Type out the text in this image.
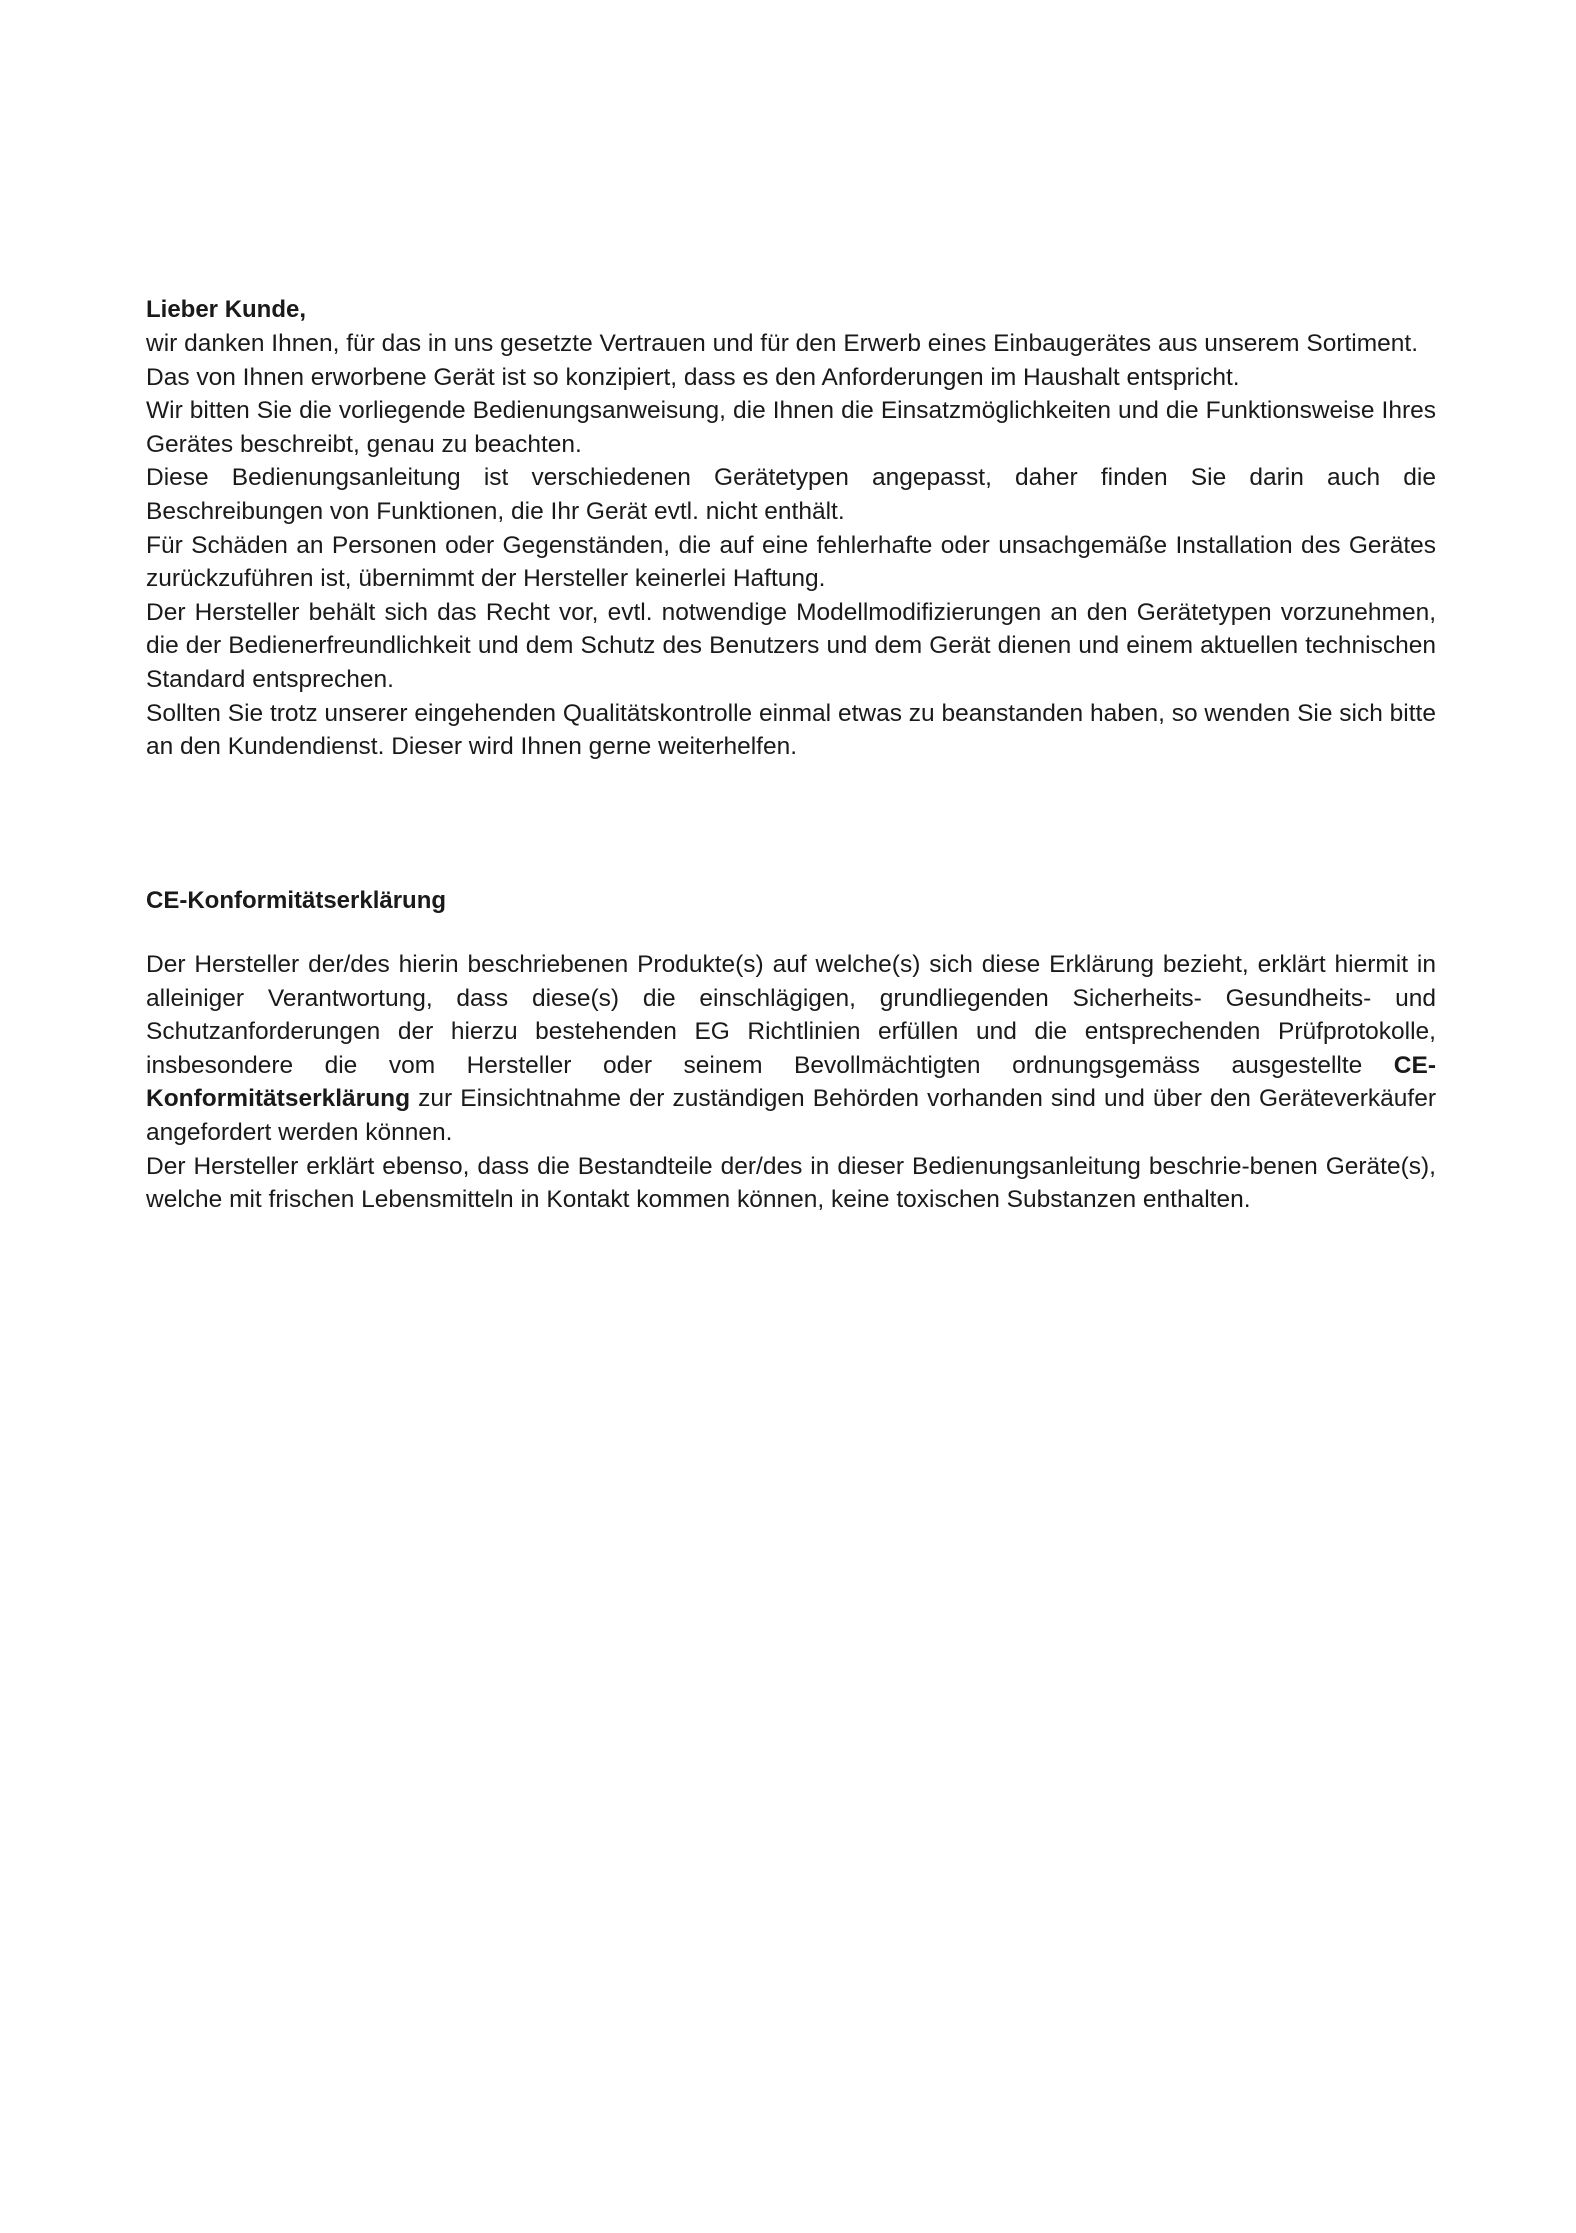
Lieber Kunde,

wir danken Ihnen, für das in uns gesetzte Vertrauen und für den Erwerb eines Einbaugerätes aus unserem Sortiment.

Das von Ihnen erworbene Gerät ist so konzipiert, dass es den Anforderungen im Haushalt entspricht.

Wir bitten Sie die vorliegende Bedienungsanweisung, die Ihnen die Einsatzmöglichkeiten und die Funktionsweise Ihres Gerätes beschreibt, genau zu beachten.

Diese Bedienungsanleitung ist verschiedenen Gerätetypen angepasst, daher finden Sie darin auch die Beschreibungen von Funktionen, die Ihr Gerät evtl. nicht enthält.

Für Schäden an Personen oder Gegenständen, die auf eine fehlerhafte oder unsachgemäße Installation des Gerätes zurückzuführen ist, übernimmt der Hersteller keinerlei Haftung.

Der Hersteller behält sich das Recht vor, evtl. notwendige Modellmodifizierungen an den Gerätetypen vorzunehmen, die der Bedienerfreundlichkeit und dem Schutz des Benutzers und dem Gerät dienen und einem aktuellen technischen Standard entsprechen.

Sollten Sie trotz unserer eingehenden Qualitätskontrolle einmal etwas zu beanstanden haben, so wenden Sie sich bitte an den Kundendienst. Dieser wird Ihnen gerne weiterhelfen.

CE-Konformitätserklärung

Der Hersteller der/des hierin beschriebenen Produkte(s) auf welche(s) sich diese Erklärung bezieht, erklärt hiermit in alleiniger Verantwortung, dass diese(s) die einschlägigen, grundliegenden Sicherheits- Gesundheits- und Schutzanforderungen der hierzu bestehenden EG Richtlinien erfüllen und die entsprechenden Prüfprotokolle, insbesondere die vom Hersteller oder seinem Bevollmächtigten ordnungsgemäss ausgestellte CE-Konformitätserklärung zur Einsichtnahme der zuständigen Behörden vorhanden sind und über den Geräteverkäufer angefordert werden können.

Der Hersteller erklärt ebenso, dass die Bestandteile der/des in dieser Bedienungsanleitung beschrie-benen Geräte(s), welche mit frischen Lebensmitteln in Kontakt kommen können, keine toxischen Substanzen enthalten.
